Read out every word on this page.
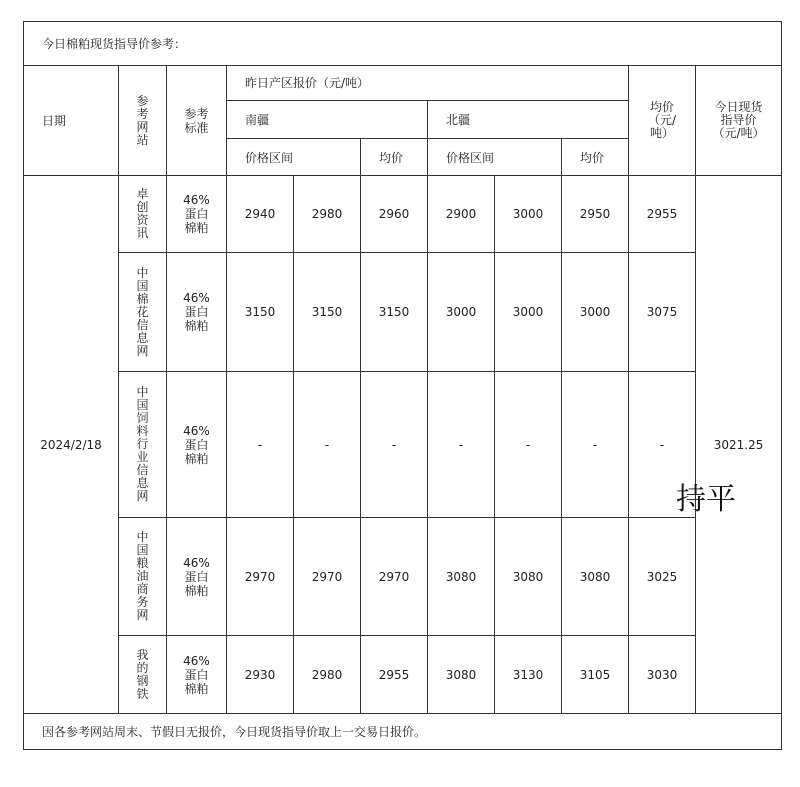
今日棉粕现货指导价参考：										
日期	参考网站	参考标准	昨日产区报价（元/吨）						均价（元/吨）	今日现货指导价（元/吨）
			南疆			北疆				
			价格区间		均价	价格区间		均价		
2024/2/18	卓创资讯	46%蛋白棉粕	2940	2980	2960	2900	3000	2950	2955	3021.25
	中国棉花信息网	46%蛋白棉粕	3150	3150	3150	3000	3000	3000	3075	
	中国饲料行业信息网	46%蛋白棉粕	-	-	-	-	-	-	-	
	中国粮油商务网	46%蛋白棉粕	2970	2970	2970	3080	3080	3080	3025	
	我的钢铁	46%蛋白棉粕	2930	2980	2955	3080	3130	3105	3030	
因各参考网站周末、节假日无报价，今日现货指导价取上一交易日报价。										
持平
